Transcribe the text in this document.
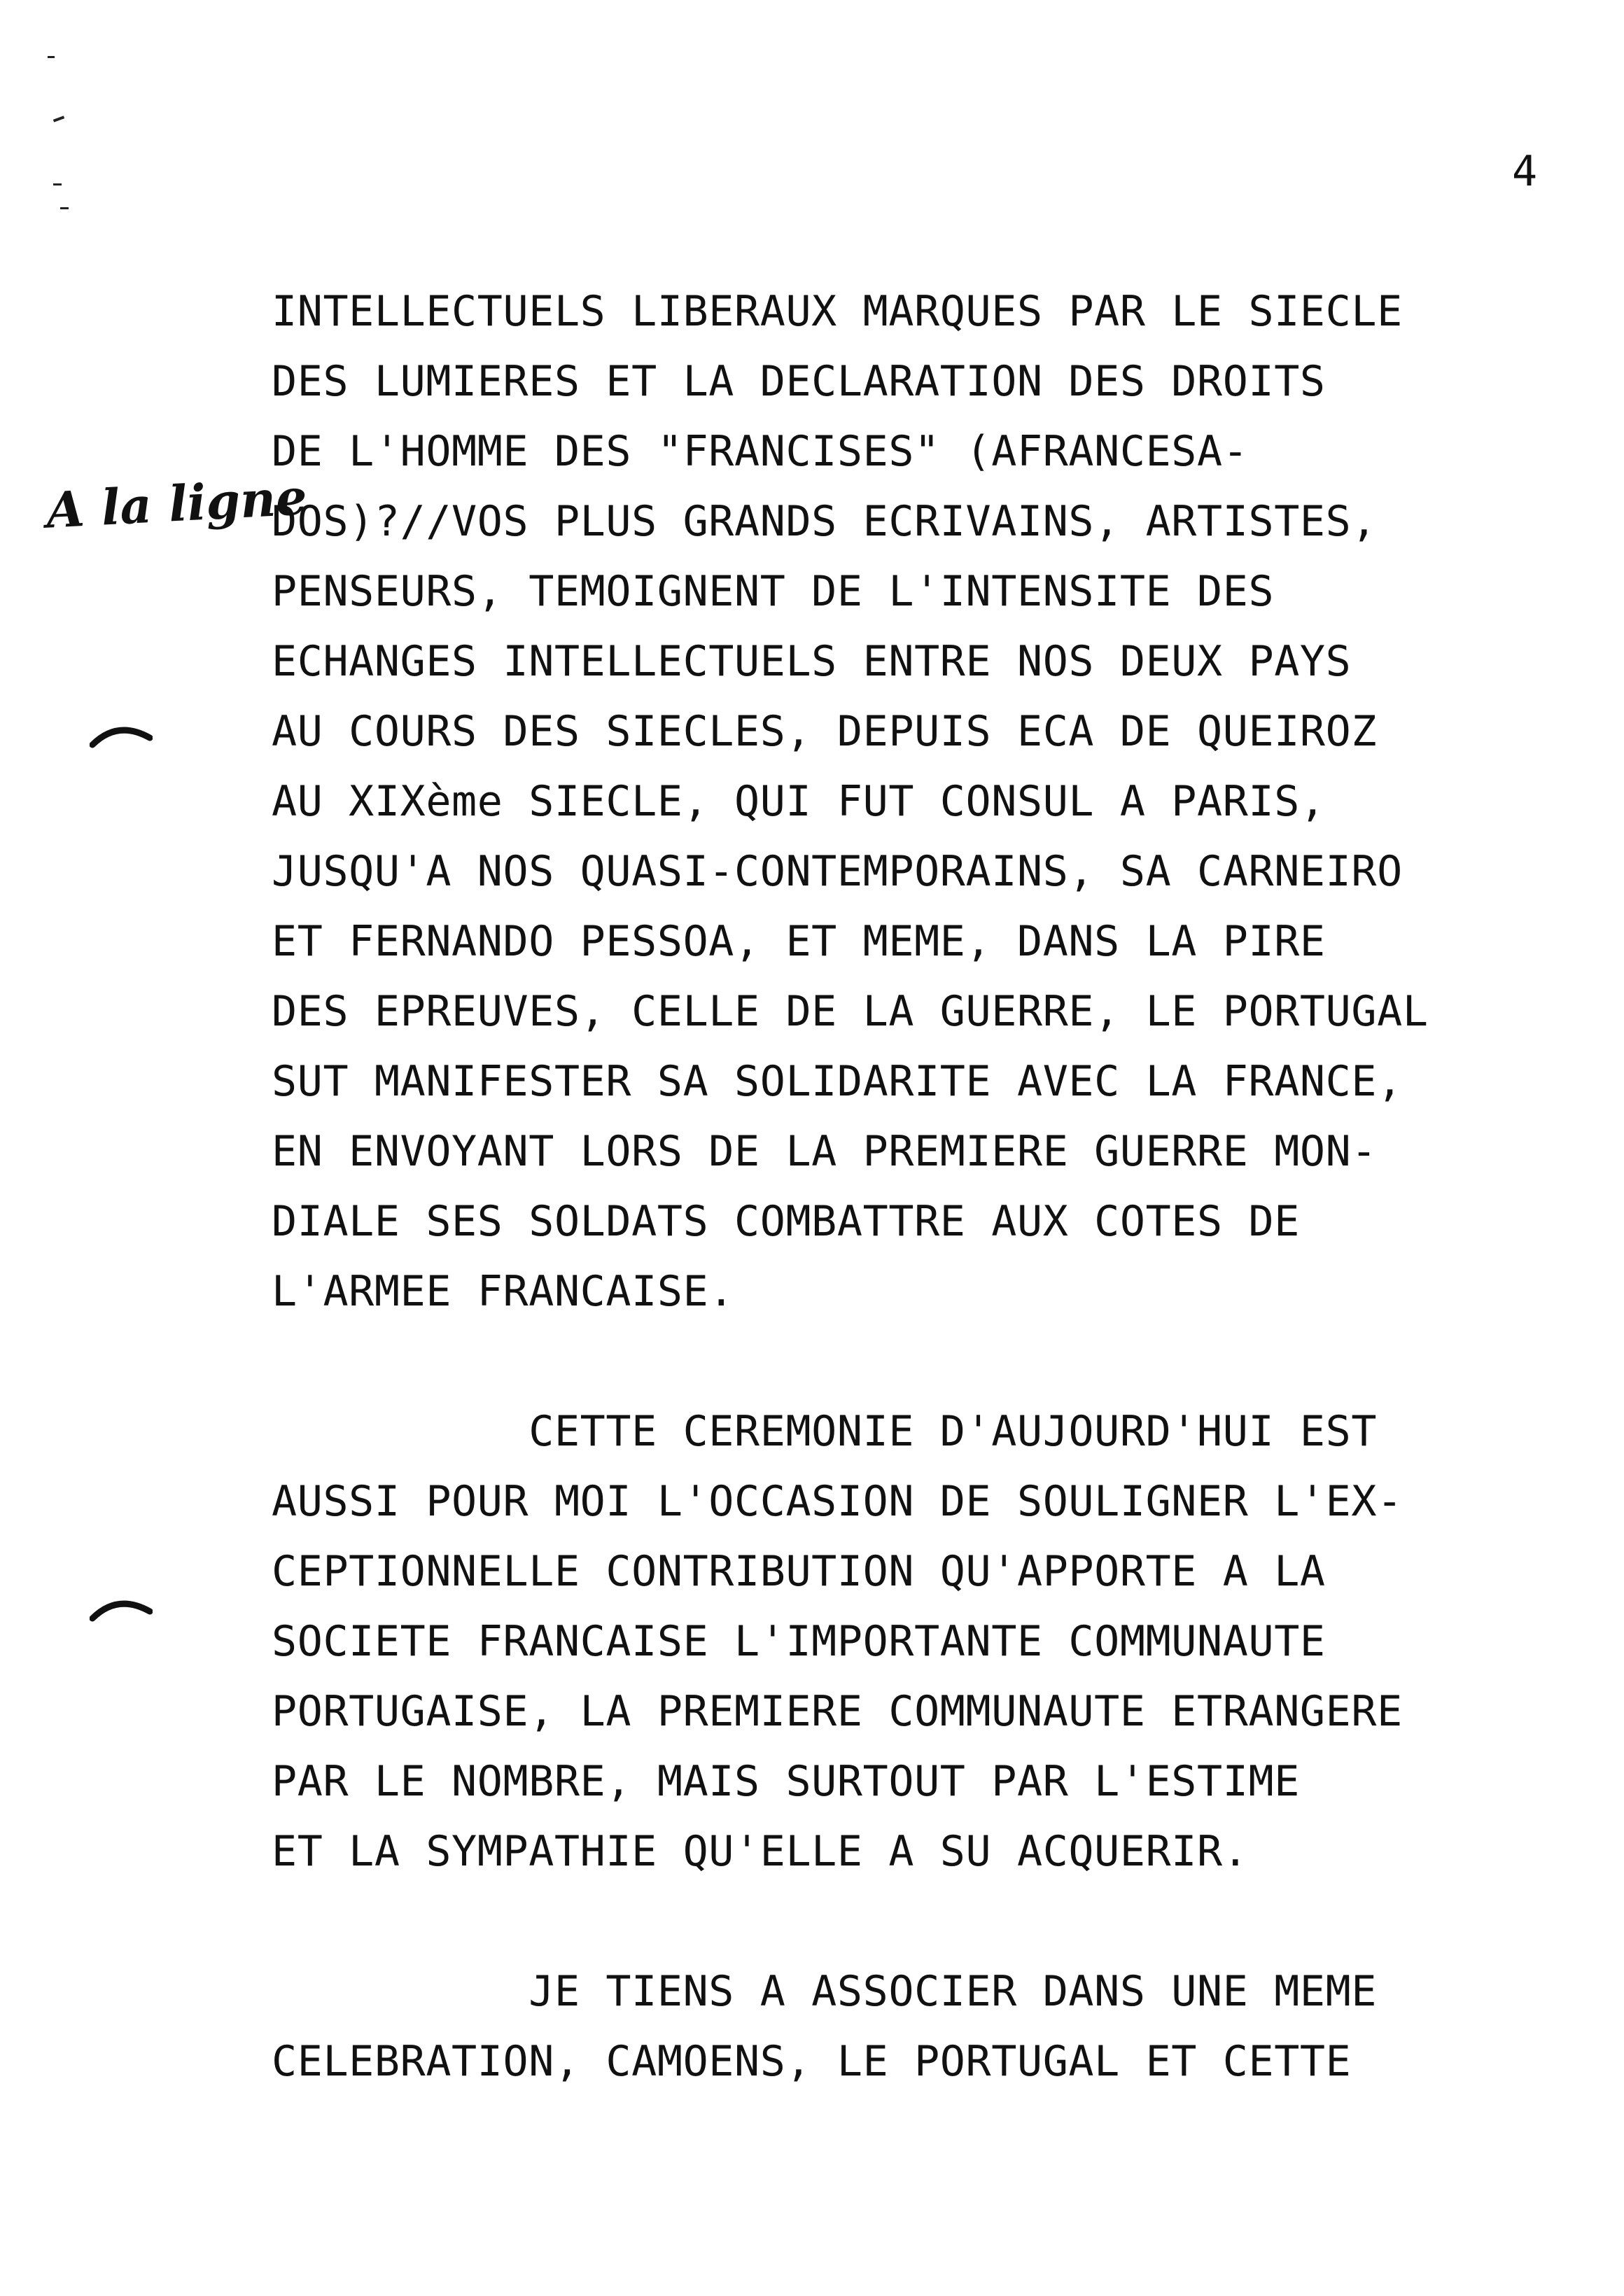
4
A la ligne

INTELLECTUELS LIBERAUX MARQUES PAR LE SIECLE

DES LUMIERES ET LA DECLARATION DES DROITS

DE L'HOMME DES "FRANCISES" (AFRANCESA-

DOS)?//VOS PLUS GRANDS ECRIVAINS, ARTISTES,

PENSEURS, TEMOIGNENT DE L'INTENSITE DES

ECHANGES INTELLECTUELS ENTRE NOS DEUX PAYS

AU COURS DES SIECLES, DEPUIS ECA DE QUEIROZ

AU XIXème SIECLE, QUI FUT CONSUL A PARIS,

JUSQU'A NOS QUASI-CONTEMPORAINS, SA CARNEIRO

ET FERNANDO PESSOA, ET MEME, DANS LA PIRE

DES EPREUVES, CELLE DE LA GUERRE, LE PORTUGAL

SUT MANIFESTER SA SOLIDARITE AVEC LA FRANCE,

EN ENVOYANT LORS DE LA PREMIERE GUERRE MON-

DIALE SES SOLDATS COMBATTRE AUX COTES DE

L'ARMEE FRANCAISE.

CETTE CEREMONIE D'AUJOURD'HUI EST

AUSSI POUR MOI L'OCCASION DE SOULIGNER L'EX-

CEPTIONNELLE CONTRIBUTION QU'APPORTE A LA

SOCIETE FRANCAISE L'IMPORTANTE COMMUNAUTE

PORTUGAISE, LA PREMIERE COMMUNAUTE ETRANGERE

PAR LE NOMBRE, MAIS SURTOUT PAR L'ESTIME

ET LA SYMPATHIE QU'ELLE A SU ACQUERIR.

JE TIENS A ASSOCIER DANS UNE MEME

CELEBRATION, CAMOENS, LE PORTUGAL ET CETTE
